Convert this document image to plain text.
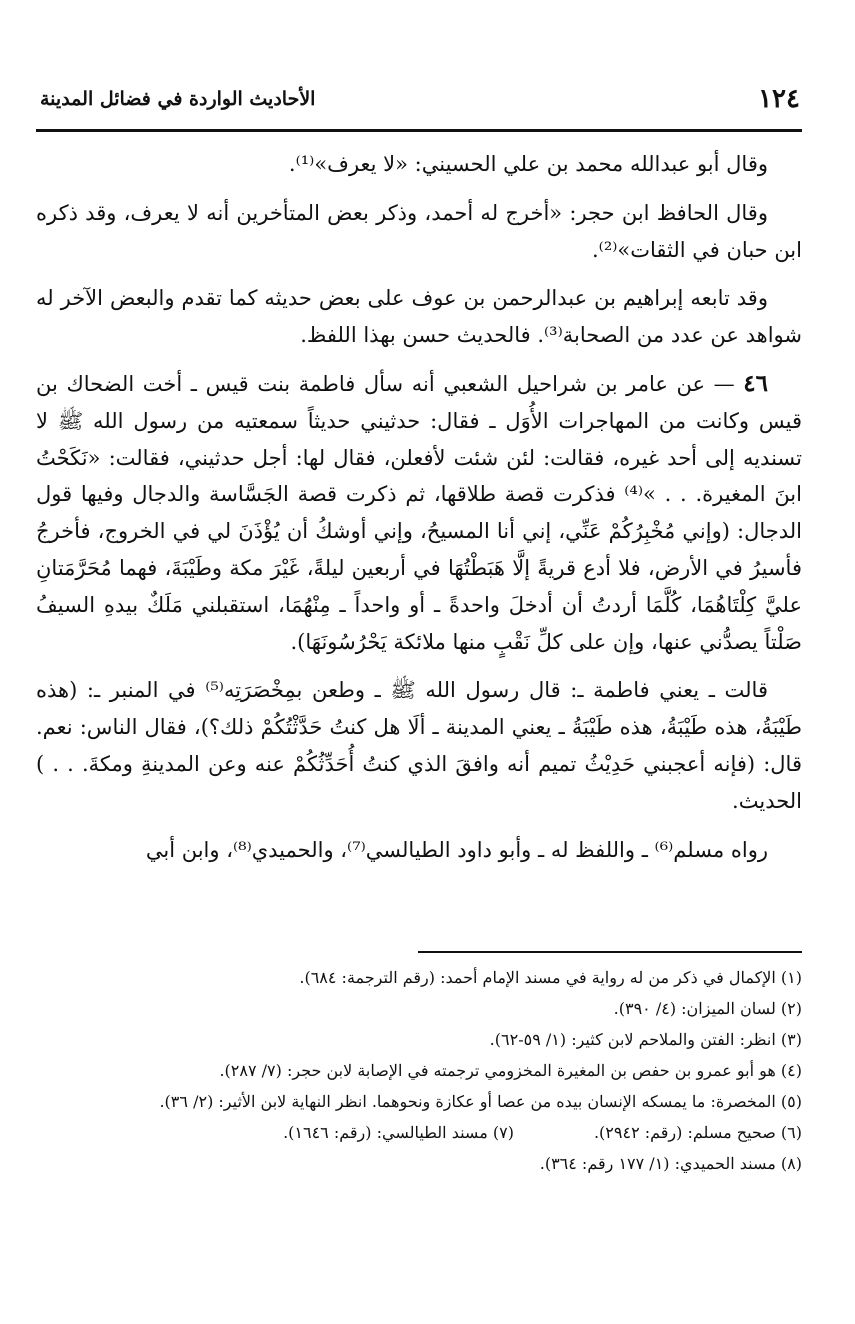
١٢٤
الأحاديث الواردة في فضائل المدينة

وقال أبو عبدالله محمد بن علي الحسيني: «لا يعرف»⁽¹⁾.

وقال الحافظ ابن حجر: «أخرج له أحمد، وذكر بعض المتأخرين أنه لا يعرف، وقد ذكره ابن حبان في الثقات»⁽²⁾.

وقد تابعه إبراهيم بن عبدالرحمن بن عوف على بعض حديثه كما تقدم والبعض الآخر له شواهد عن عدد من الصحابة⁽³⁾. فالحديث حسن بهذا اللفظ.

٤٦ — عن عامر بن شراحيل الشعبي أنه سأل فاطمة بنت قيس ـ أخت الضحاك بن قيس وكانت من المهاجرات الأُوَل ـ فقال: حدثيني حديثاً سمعتيه من رسول الله ﷺ لا تسنديه إلى أحد غيره، فقالت: لئن شئت لأفعلن، فقال لها: أجل حدثيني، فقالت: «نَكَحْتُ ابنَ المغيرة. . . »⁽⁴⁾ فذكرت قصة طلاقها، ثم ذكرت قصة الجَسَّاسة والدجال وفيها قول الدجال: (وإني مُخْبِرُكُمْ عَنِّي، إني أنا المسيحُ، وإني أوشكُ أن يُؤْذَنَ لي في الخروج، فأخرجُ فأسيرُ في الأرض، فلا أدع قريةً إلَّا هَبَطْتُهَا في أربعين ليلةً، غَيْرَ مكة وطَيْبَةَ، فهما مُحَرَّمَتانِ عليَّ كِلْتَاهُمَا، كُلَّمَا أردتُ أن أدخلَ واحدةً ـ أو واحداً ـ مِنْهُمَا، استقبلني مَلَكٌ بيدهِ السيفُ صَلْتاً يصدُّني عنها، وإن على كلِّ نَقْبٍ منها ملائكة يَحْرُسُونَهَا).

قالت ـ يعني فاطمة ـ: قال رسول الله ﷺ ـ وطعن بمِخْصَرَتِه⁽⁵⁾ في المنبر ـ: (هذه طَيْبَةُ، هذه طَيْبَةُ، هذه طَيْبَةُ ـ يعني المدينة ـ ألَا هل كنتُ حَدَّثْتُكُمْ ذلك؟)، فقال الناس: نعم. قال: (فإنه أعجبني حَدِيْثُ تميم أنه وافقَ الذي كنتُ أُحَدِّثُكُمْ عنه وعن المدينةِ ومكةَ. . . ) الحديث.

رواه مسلم⁽⁶⁾ ـ واللفظ له ـ وأبو داود الطيالسي⁽⁷⁾، والحميدي⁽⁸⁾، وابن أبي

(١) الإكمال في ذكر من له رواية في مسند الإمام أحمد: (رقم الترجمة: ٦٨٤).

(٢) لسان الميزان: (٤/ ٣٩٠).

(٣) انظر: الفتن والملاحم لابن كثير: (١/ ٥٩-٦٢).

(٤) هو أبو عمرو بن حفص بن المغيرة المخزومي ترجمته في الإصابة لابن حجر: (٧/ ٢٨٧).

(٥) المخصرة: ما يمسكه الإنسان بيده من عصا أو عكازة ونحوهما. انظر النهاية لابن الأثير: (٢/ ٣٦).

(٦) صحيح مسلم: (رقم: ٢٩٤٢).

(٧) مسند الطيالسي: (رقم: ١٦٤٦).

(٨) مسند الحميدي: (١/ ١٧٧ رقم: ٣٦٤).
